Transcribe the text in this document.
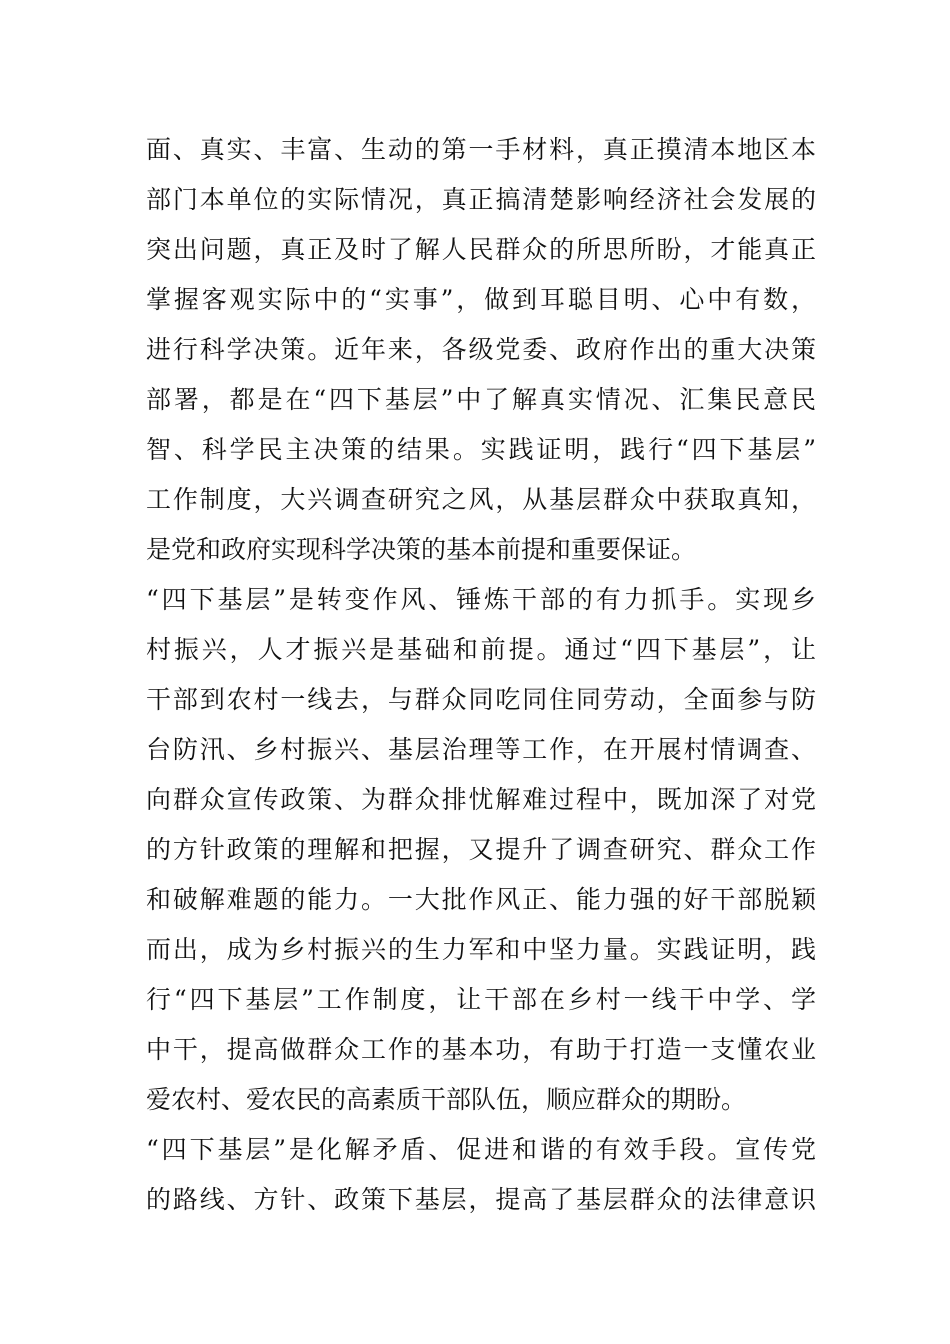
面、真实、丰富、生动的第一手材料，真正摸清本地区本
部门本单位的实际情况，真正搞清楚影响经济社会发展的
突出问题，真正及时了解人民群众的所思所盼，才能真正
掌握客观实际中的“实事”，做到耳聪目明、心中有数，
进行科学决策。近年来，各级党委、政府作出的重大决策
部署，都是在“四下基层”中了解真实情况、汇集民意民
智、科学民主决策的结果。实践证明，践行“四下基层”
工作制度，大兴调查研究之风，从基层群众中获取真知，
是党和政府实现科学决策的基本前提和重要保证。
“四下基层”是转变作风、锤炼干部的有力抓手。实现乡
村振兴，人才振兴是基础和前提。通过“四下基层”，让
干部到农村一线去，与群众同吃同住同劳动，全面参与防
台防汛、乡村振兴、基层治理等工作，在开展村情调查、
向群众宣传政策、为群众排忧解难过程中，既加深了对党
的方针政策的理解和把握，又提升了调查研究、群众工作
和破解难题的能力。一大批作风正、能力强的好干部脱颖
而出，成为乡村振兴的生力军和中坚力量。实践证明，践
行“四下基层”工作制度，让干部在乡村一线干中学、学
中干，提高做群众工作的基本功，有助于打造一支懂农业
爱农村、爱农民的高素质干部队伍，顺应群众的期盼。
“四下基层”是化解矛盾、促进和谐的有效手段。宣传党
的路线、方针、政策下基层，提高了基层群众的法律意识
